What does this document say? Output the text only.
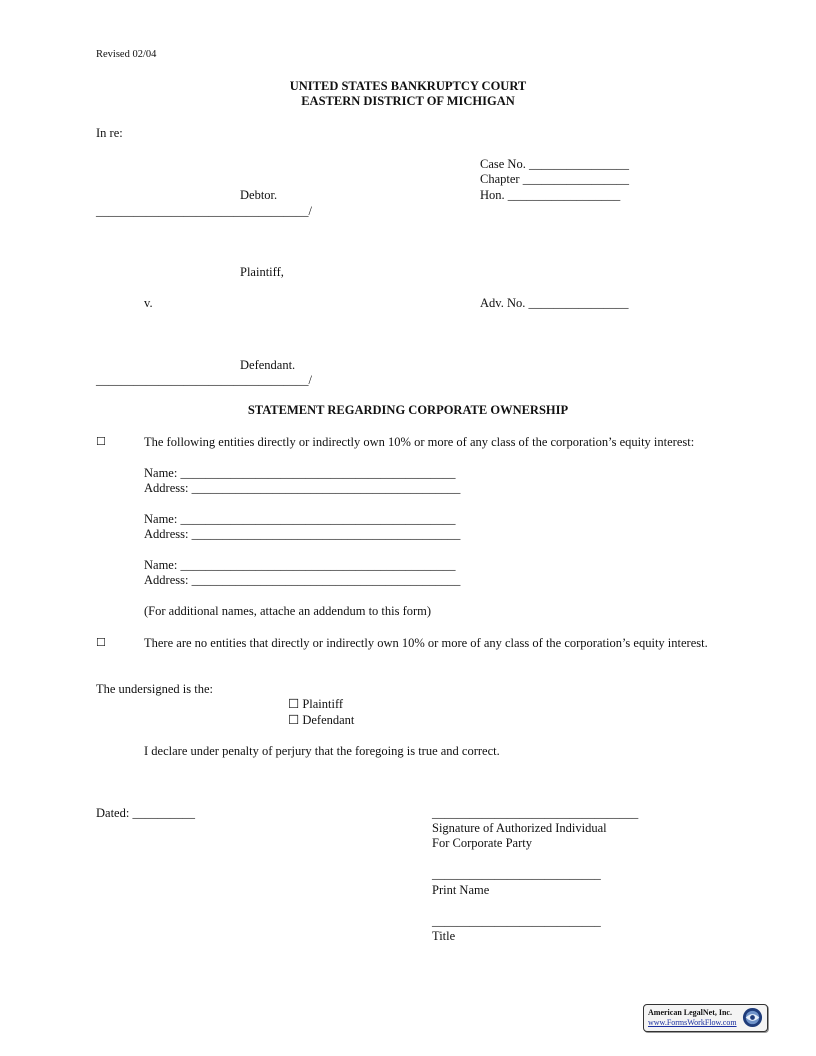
Revised 02/04
UNITED STATES BANKRUPTCY COURT
EASTERN DISTRICT OF MICHIGAN
In re:
Case No. ________________
Chapter _________________
Debtor.	Hon. __________________
__________________________________/
Plaintiff,
v.	Adv. No. ________________
Defendant.
__________________________________/
STATEMENT REGARDING CORPORATE OWNERSHIP
☐	The following entities directly or indirectly own 10% or more of any class of the corporation’s equity interest:
Name: ____________________________________________
Address: ___________________________________________
Name: ____________________________________________
Address: ___________________________________________
Name: ____________________________________________
Address: ___________________________________________
(For additional names, attache an addendum to this form)
☐	There are no entities that directly or indirectly own 10% or more of any class of the corporation’s equity interest.
The undersigned is the:
☐ Plaintiff
☐ Defendant
I declare under penalty of perjury that the foregoing is true and correct.
Dated: __________	_________________________________
Signature of Authorized Individual
For Corporate Party
___________________________
Print Name
___________________________
Title
American LegalNet, Inc.
www.FormsWorkFlow.com
